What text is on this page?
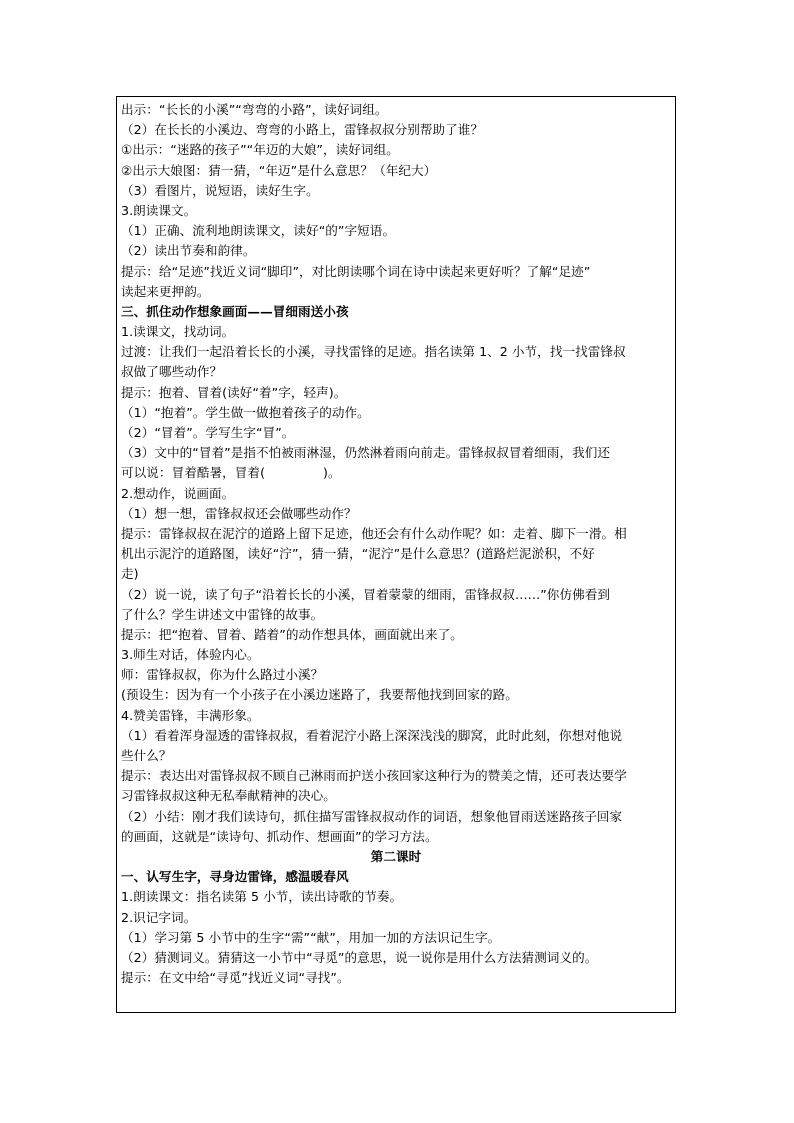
出示：“长长的小溪”“弯弯的小路”，读好词组。
（2）在长长的小溪边、弯弯的小路上，雷锋叔叔分别帮助了谁？
①出示：“迷路的孩子”“年迈的大娘”，读好词组。
②出示大娘图：猜一猜，“年迈”是什么意思？（年纪大）
（3）看图片，说短语，读好生字。
3.朗读课文。
（1）正确、流利地朗读课文，读好“的”字短语。
（2）读出节奏和韵律。
提示：给“足迹”找近义词“脚印”，对比朗读哪个词在诗中读起来更好听？了解“足迹”
读起来更押韵。
三、抓住动作想象画面——冒细雨送小孩
1.读课文，找动词。
过渡：让我们一起沿着长长的小溪，寻找雷锋的足迹。指名读第 1、2 小节，找一找雷锋叔
叔做了哪些动作？
提示：抱着、冒着(读好“着”字，轻声)。
（1）“抱着”。学生做一做抱着孩子的动作。
（2）“冒着”。学写生字“冒”。
（3）文中的“冒着”是指不怕被雨淋湿，仍然淋着雨向前走。雷锋叔叔冒着细雨，我们还
可以说：冒着酷暑，冒着(	)。
2.想动作，说画面。
（1）想一想，雷锋叔叔还会做哪些动作？
提示：雷锋叔叔在泥泞的道路上留下足迹，他还会有什么动作呢？如：走着、脚下一滑。相
机出示泥泞的道路图，读好“泞”，猜一猜，“泥泞”是什么意思？(道路烂泥淤积，不好
走)
（2）说一说，读了句子“沿着长长的小溪，冒着蒙蒙的细雨，雷锋叔叔……”你仿佛看到
了什么？学生讲述文中雷锋的故事。
提示：把“抱着、冒着、踏着”的动作想具体，画面就出来了。
3.师生对话，体验内心。
师：雷锋叔叔，你为什么路过小溪？
(预设生：因为有一个小孩子在小溪边迷路了，我要帮他找到回家的路。
4.赞美雷锋，丰满形象。
（1）看着浑身湿透的雷锋叔叔，看着泥泞小路上深深浅浅的脚窝，此时此刻，你想对他说
些什么？
提示：表达出对雷锋叔叔不顾自己淋雨而护送小孩回家这种行为的赞美之情，还可表达要学
习雷锋叔叔这种无私奉献精神的决心。
（2）小结：刚才我们读诗句，抓住描写雷锋叔叔动作的词语，想象他冒雨送迷路孩子回家
的画面，这就是“读诗句、抓动作、想画面”的学习方法。
第二课时
一、认写生字，寻身边雷锋，感温暖春风
1.朗读课文：指名读第 5 小节，读出诗歌的节奏。
2.识记字词。
（1）学习第 5 小节中的生字“需”“献”，用加一加的方法识记生字。
（2）猜测词义。猜猜这一小节中“寻觅”的意思，说一说你是用什么方法猜测词义的。
提示：在文中给“寻觅”找近义词“寻找”。
